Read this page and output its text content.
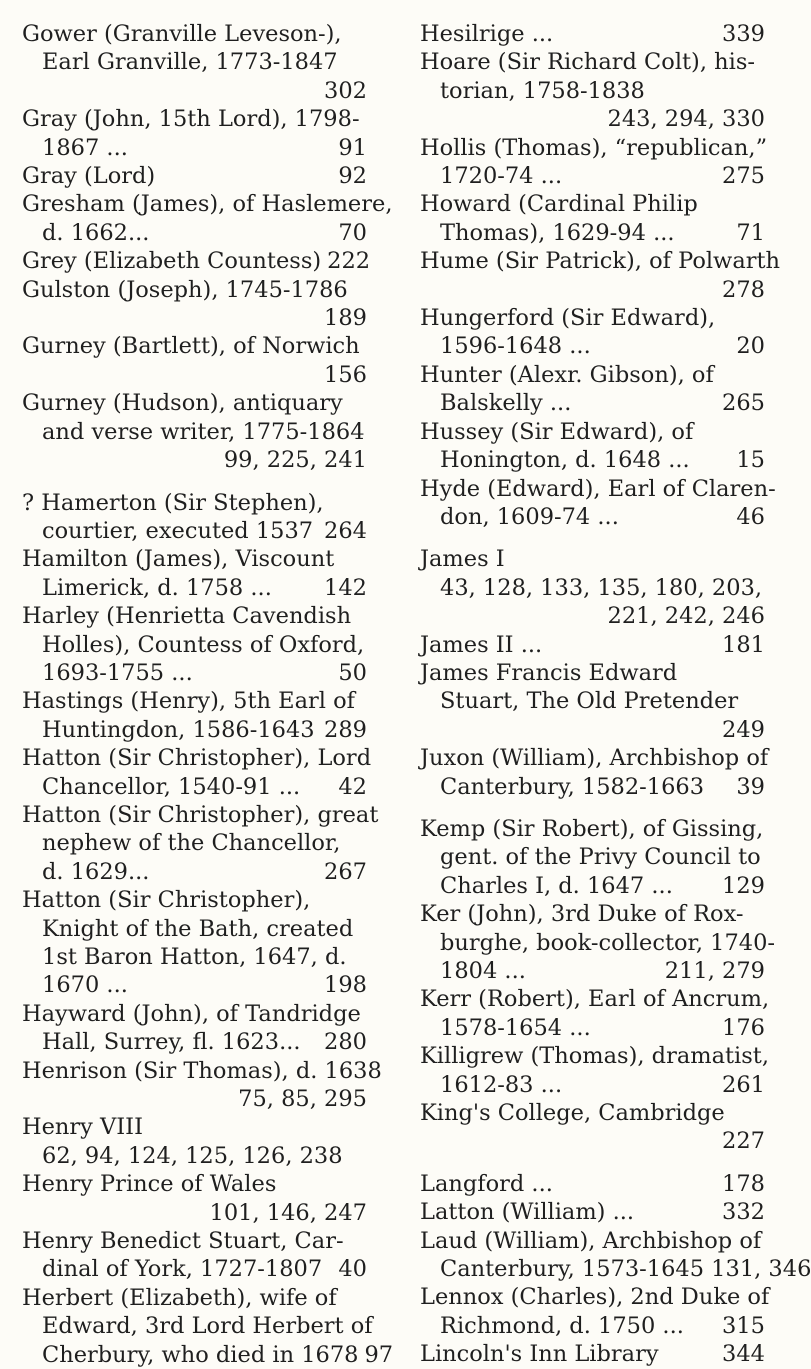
Gower (Granville Leveson-),
Earl Granville, 1773-1847
302
Gray (John, 15th Lord), 1798-
1867 ...	91
Gray (Lord)	92
Gresham (James), of Haslemere,
d. 1662...	70
Grey (Elizabeth Countess) 222
Gulston (Joseph), 1745-1786
189
Gurney (Bartlett), of Norwich
156
Gurney (Hudson), antiquary
and verse writer, 1775-1864
99, 225, 241
? Hamerton (Sir Stephen),
courtier, executed 1537 264
Hamilton (James), Viscount
Limerick, d. 1758 ...	142
Harley (Henrietta Cavendish
Holles), Countess of Oxford,
1693-1755 ...	50
Hastings (Henry), 5th Earl of
Huntingdon, 1586-1643 289
Hatton (Sir Christopher), Lord
Chancellor, 1540-91 ...	42
Hatton (Sir Christopher), great
nephew of the Chancellor,
d. 1629...	267
Hatton (Sir Christopher),
Knight of the Bath, created
1st Baron Hatton, 1647, d.
1670 ...	198
Hayward (John), of Tandridge
Hall, Surrey, fl. 1623...	280
Henrison (Sir Thomas), d. 1638
75, 85, 295
Henry VIII
62, 94, 124, 125, 126, 238
Henry Prince of Wales
101, 146, 247
Henry Benedict Stuart, Car-
dinal of York, 1727-1807 40
Herbert (Elizabeth), wife of
Edward, 3rd Lord Herbert of
Cherbury, who died in 1678 97
Hesilrige ...	339
Hoare (Sir Richard Colt), his-
torian, 1758-1838
243, 294, 330
Hollis (Thomas), “republican,”
1720-74 ...	275
Howard (Cardinal Philip
Thomas), 1629-94 ...	71
Hume (Sir Patrick), of Polwarth
278
Hungerford (Sir Edward),
1596-1648 ...	20
Hunter (Alexr. Gibson), of
Balskelly ...	265
Hussey (Sir Edward), of
Honington, d. 1648 ...	15
Hyde (Edward), Earl of Claren-
don, 1609-74 ...	46
James I
43, 128, 133, 135, 180, 203,
221, 242, 246
James II ...	181
James Francis Edward
Stuart, The Old Pretender
249
Juxon (William), Archbishop of
Canterbury, 1582-1663	39
Kemp (Sir Robert), of Gissing,
gent. of the Privy Council to
Charles I, d. 1647 ...	129
Ker (John), 3rd Duke of Rox-
burghe, book-collector, 1740-
1804 ...	211, 279
Kerr (Robert), Earl of Ancrum,
1578-1654 ...	176
Killigrew (Thomas), dramatist,
1612-83 ...	261
King's College, Cambridge
227
Langford ...	178
Latton (William) ...	332
Laud (William), Archbishop of
Canterbury, 1573-1645 131, 346
Lennox (Charles), 2nd Duke of
Richmond, d. 1750 ...	315
Lincoln's Inn Library	344
